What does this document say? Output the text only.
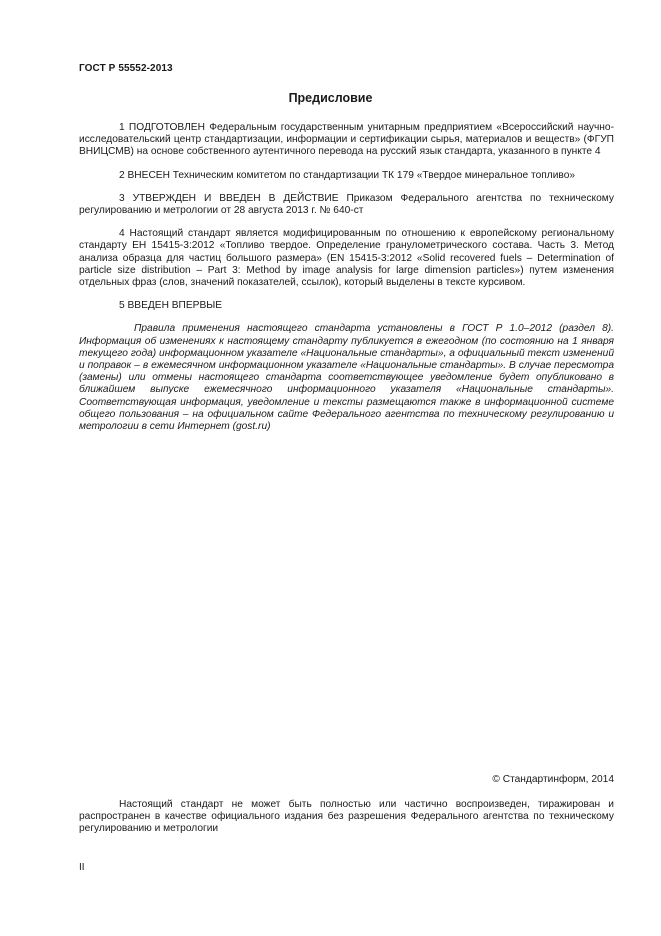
ГОСТ Р 55552-2013
Предисловие

1 ПОДГОТОВЛЕН Федеральным государственным унитарным предприятием «Всероссийский научно-исследовательский центр стандартизации, информации и сертификации сырья, материалов и веществ» (ФГУП ВНИЦСМВ) на основе собственного аутентичного перевода на русский язык стандарта, указанного в пункте 4

2 ВНЕСЕН Техническим комитетом по стандартизации ТК 179 «Твердое минеральное топливо»

3 УТВЕРЖДЕН И ВВЕДЕН В ДЕЙСТВИЕ Приказом Федерального агентства по техническому регулированию и метрологии от 28 августа 2013 г. № 640-ст

4 Настоящий стандарт является модифицированным по отношению к европейскому региональному стандарту ЕН 15415-3:2012 «Топливо твердое. Определение гранулометрического состава. Часть 3. Метод анализа образца для частиц большого размера» (EN 15415-3:2012 «Solid recovered fuels – Determination of particle size distribution – Part 3: Method by image analysis for large dimension particles») путем изменения отдельных фраз (слов, значений показателей, ссылок), который выделены в тексте курсивом.

5 ВВЕДЕН ВПЕРВЫЕ

Правила применения настоящего стандарта установлены в ГОСТ Р 1.0–2012 (раздел 8). Информация об изменениях к настоящему стандарту публикуется в ежегодном (по состоянию на 1 января текущего года) информационном указателе «Национальные стандарты», а официальный текст изменений и поправок – в ежемесячном информационном указателе «Национальные стандарты». В случае пересмотра (замены) или отмены настоящего стандарта соответствующее уведомление будет опубликовано в ближайшем выпуске ежемесячного информационного указателя «Национальные стандарты». Соответствующая информация, уведомление и тексты размещаются также в информационной системе общего пользования – на официальном сайте Федерального агентства по техническому регулированию и метрологии в сети Интернет (gost.ru)

© Стандартинформ, 2014
Настоящий стандарт не может быть полностью или частично воспроизведен, тиражирован и распространен в качестве официального издания без разрешения Федерального агентства по техническому регулированию и метрологии
II
